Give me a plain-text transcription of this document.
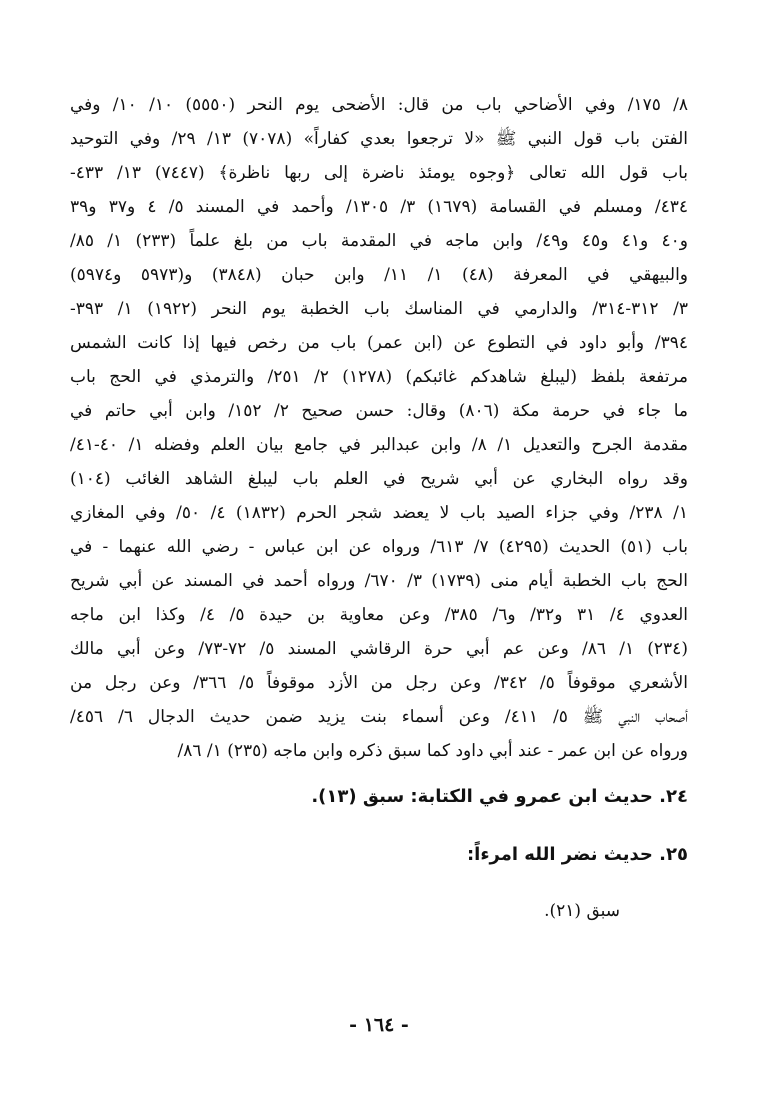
٨/ ١٧٥/ وفي الأضاحي باب من قال: الأضحى يوم النحر (٥٥٥٠) ١٠/ ١٠/ وفي
الفتن باب قول النبي ﷺ «لا ترجعوا بعدي كفاراً» (٧٠٧٨) ١٣/ ٢٩/ وفي التوحيد
باب قول الله تعالى ﴿وجوه يومئذ ناضرة إلى ربها ناظرة﴾ (٧٤٤٧) ١٣/ ٤٣٣-
٤٣٤/ ومسلم في القسامة (١٦٧٩) ٣/ ١٣٠٥/ وأحمد في المسند ٥/ ٤ و٣٧ و٣٩
و٤٠ و٤١ و٤٥ و٤٩/ وابن ماجه في المقدمة باب من بلغ علماً (٢٣٣) ١/ ٨٥/
والبيهقي في المعرفة (٤٨) ١/ ١١/ وابن حبان (٣٨٤٨) و(٥٩٧٣ و٥٩٧٤)
٣/ ٣١٢-٣١٤/ والدارمي في المناسك باب الخطبة يوم النحر (١٩٢٢) ١/ ٣٩٣-
٣٩٤/ وأبو داود في التطوع عن (ابن عمر) باب من رخص فيها إذا كانت الشمس
مرتفعة بلفظ (ليبلغ شاهدكم غائبكم) (١٢٧٨) ٢/ ٢٥١/ والترمذي في الحج باب
ما جاء في حرمة مكة (٨٠٦) وقال: حسن صحيح ٢/ ١٥٢/ وابن أبي حاتم في
مقدمة الجرح والتعديل ١/ ٨/ وابن عبدالبر في جامع بيان العلم وفضله ١/ ٤٠-٤١/
وقد رواه البخاري عن أبي شريح في العلم باب ليبلغ الشاهد الغائب (١٠٤)
١/ ٢٣٨/ وفي جزاء الصيد باب لا يعضد شجر الحرم (١٨٣٢) ٤/ ٥٠/ وفي المغازي
باب (٥١) الحديث (٤٢٩٥) ٧/ ٦١٣/ ورواه عن ابن عباس - رضي الله عنهما - في
الحج باب الخطبة أيام منى (١٧٣٩) ٣/ ٦٧٠/ ورواه أحمد في المسند عن أبي شريح
العدوي ٤/ ٣١ و٣٢/ و٦/ ٣٨٥/ وعن معاوية بن حيدة ٥/ ٤/ وكذا ابن ماجه
(٢٣٤) ١/ ٨٦/ وعن عم أبي حرة الرقاشي المسند ٥/ ٧٢-٧٣/ وعن أبي مالك
الأشعري موقوفاً ٥/ ٣٤٢/ وعن رجل من الأزد موقوفاً ٥/ ٣٦٦/ وعن رجل من
أصحاب النبي ﷺ ٥/ ٤١١/ وعن أسماء بنت يزيد ضمن حديث الدجال ٦/ ٤٥٦/
ورواه عن ابن عمر - عند أبي داود كما سبق ذكره وابن ماجه (٢٣٥) ١/ ٨٦/
٢٤. حديث ابن عمرو في الكتابة: سبق (١٣).
٢٥. حديث نضر الله امرءاً:
سبق (٢١).
- ١٦٤ -
